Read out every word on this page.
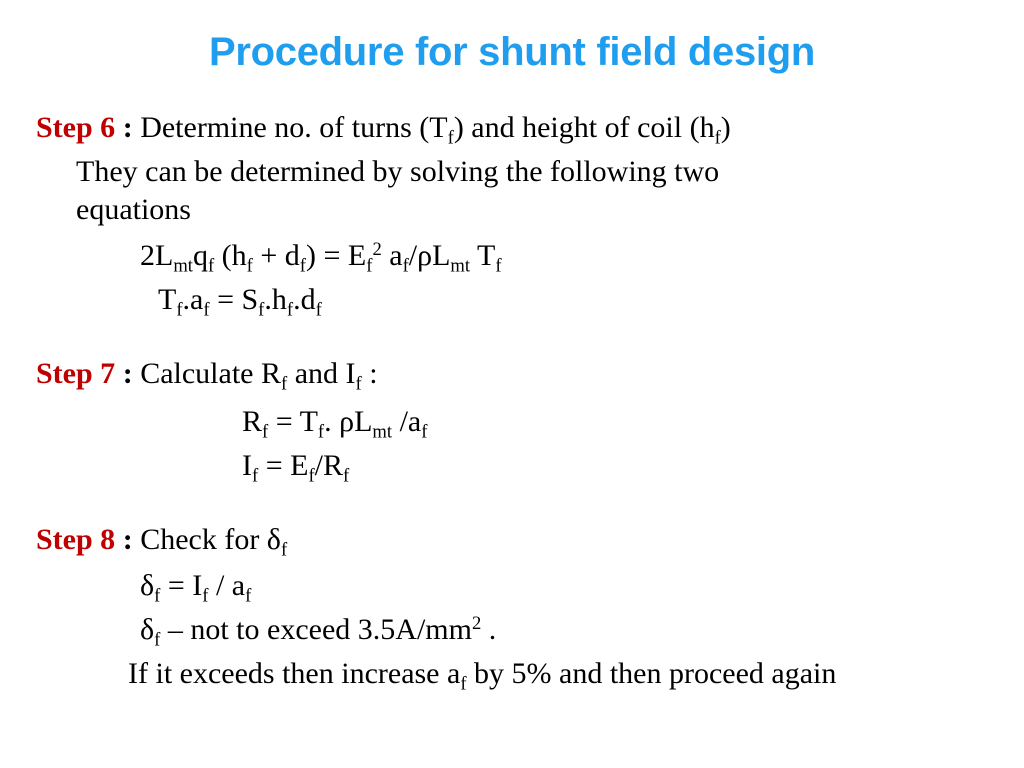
Procedure for shunt field design
Step 6 : Determine no. of turns $(T_f)$ and height of coil $(h_f)$
They can be determined by solving the following two
equations
$2L_{mt}q_f$ $(h_f + d_f) = E_f^2$ $a_f/\rho L_{mt}$ $T_f$
$T_f.a_f = S_f.h_f.d_f$
Step 7 : Calculate $R_f$ and $I_f$ :
$R_f = T_f$. $\rho L_{mt}$ $/a_f$
$I_f = E_f/R_f$
Step 8 : Check for $\delta_f$
$\delta_f = I_f / a_f$
$\delta_f$ – not to exceed $3.5A/mm^2$ .
If it exceeds then increase $a_f$ by 5% and then proceed again
